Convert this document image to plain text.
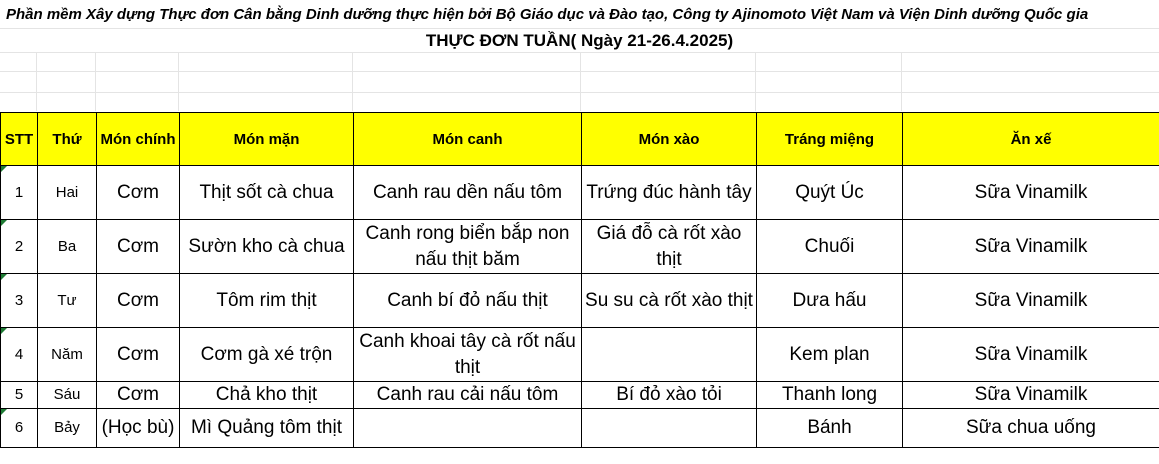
Phần mềm Xây dựng Thực đơn Cân bằng Dinh dưỡng thực hiện bởi Bộ Giáo dục và Đào tạo, Công ty Ajinomoto Việt Nam và Viện Dinh dưỡng Quốc gia
THỰC ĐƠN TUẦN( Ngày 21-26.4.2025)
STT	Thứ	Món chính	Món mặn	Món canh	Món xào	Tráng miệng	Ăn xế
1	Hai	Cơm	Thịt sốt cà chua	Canh rau dền nấu tôm	Trứng đúc hành tây	Quýt Úc	Sữa Vinamilk
2	Ba	Cơm	Sườn kho cà chua	Canh rong biển bắp non nấu thịt băm	Giá đỗ cà rốt xào thịt	Chuối	Sữa Vinamilk
3	Tư	Cơm	Tôm rim thịt	Canh bí đỏ nấu thịt	Su su cà rốt xào thịt	Dưa hấu	Sữa Vinamilk
4	Năm	Cơm	Cơm gà xé trộn	Canh khoai tây cà rốt nấu thịt		Kem plan	Sữa Vinamilk
5	Sáu	Cơm	Chả kho thịt	Canh rau cải nấu tôm	Bí đỏ xào tỏi	Thanh long	Sữa Vinamilk
6	Bảy	(Học bù)	Mì Quảng tôm thịt			Bánh	Sữa chua uống
